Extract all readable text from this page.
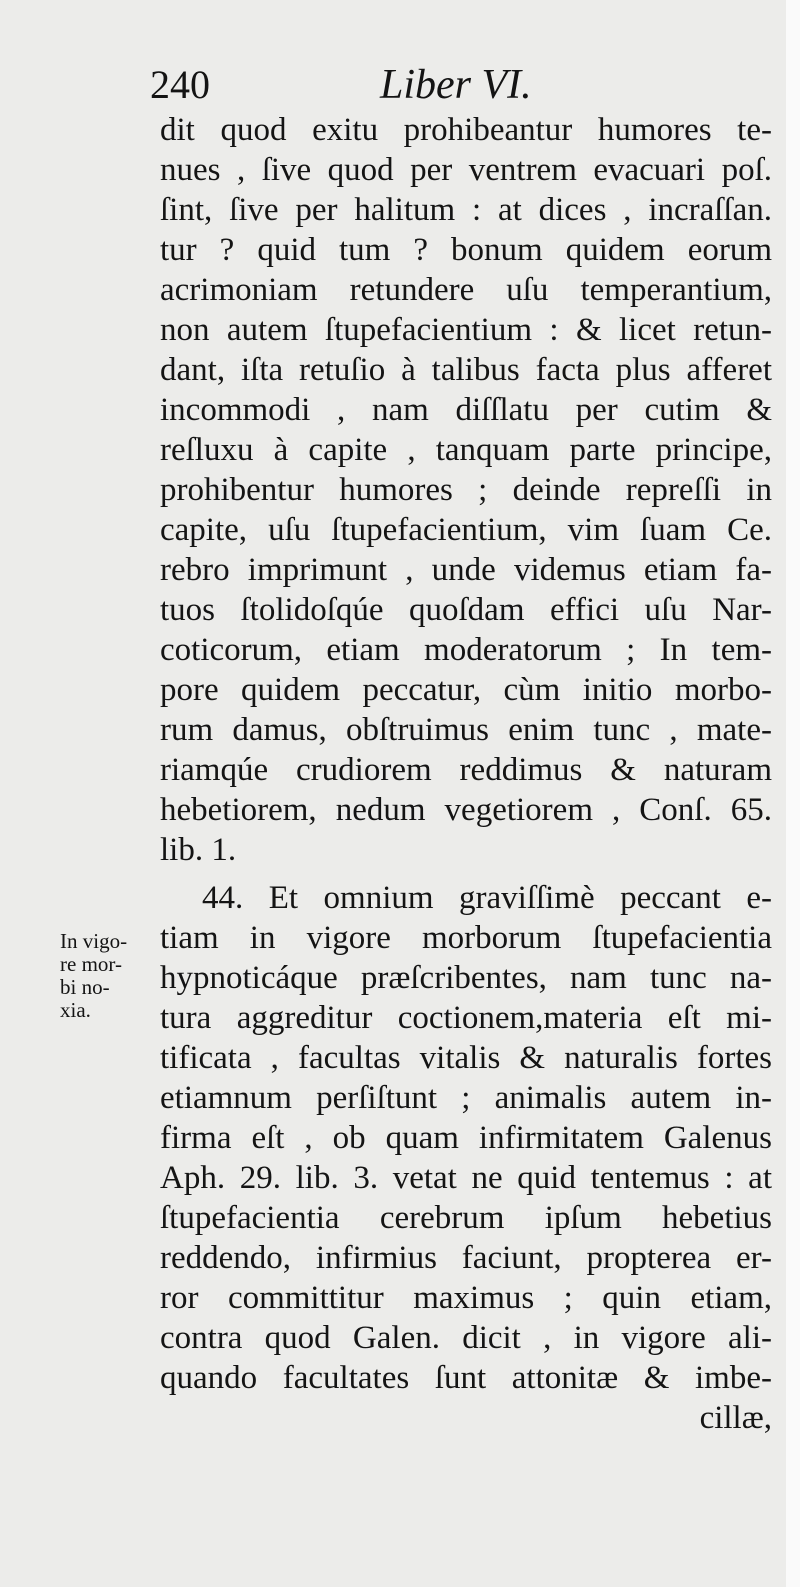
240	Liber VI.
In vigo-
re mor-
bi no-
xia.
dit quod exitu prohibeantur humores te-
nues , ſive quod per ventrem evacuari poſ.
ſint, ſive per halitum : at dices , incraſſan.
tur ? quid tum ? bonum quidem eorum
acrimoniam retundere uſu temperantium,
non autem ſtupefacientium : & licet retun-
dant, iſta retuſio à talibus facta plus afferet
incommodi , nam diſſlatu per cutim &
reſluxu à capite , tanquam parte principe,
prohibentur humores ; deinde repreſſi in
capite, uſu ſtupefacientium, vim ſuam Ce.
rebro imprimunt , unde videmus etiam fa-
tuos ſtolidoſqúe quoſdam effici uſu Nar-
coticorum, etiam moderatorum ; In tem-
pore quidem peccatur, cùm initio morbo-
rum damus, obſtruimus enim tunc , mate-
riamqúe crudiorem reddimus & naturam
hebetiorem, nedum vegetiorem , Conſ. 65.
lib. 1.
44. Et omnium graviſſimè peccant e-
tiam in vigore morborum ſtupefacientia
hypnoticáque præſcribentes, nam tunc na-
tura aggreditur coctionem,materia eſt mi-
tificata , facultas vitalis & naturalis fortes
etiamnum perſiſtunt ; animalis autem in-
firma eſt , ob quam infirmitatem Galenus
Aph. 29. lib. 3. vetat ne quid tentemus : at
ſtupefacientia cerebrum ipſum hebetius
reddendo, infirmius faciunt, propterea er-
ror committitur maximus ; quin etiam,
contra quod Galen. dicit , in vigore ali-
quando facultates ſunt attonitæ & imbe-
cillæ,
